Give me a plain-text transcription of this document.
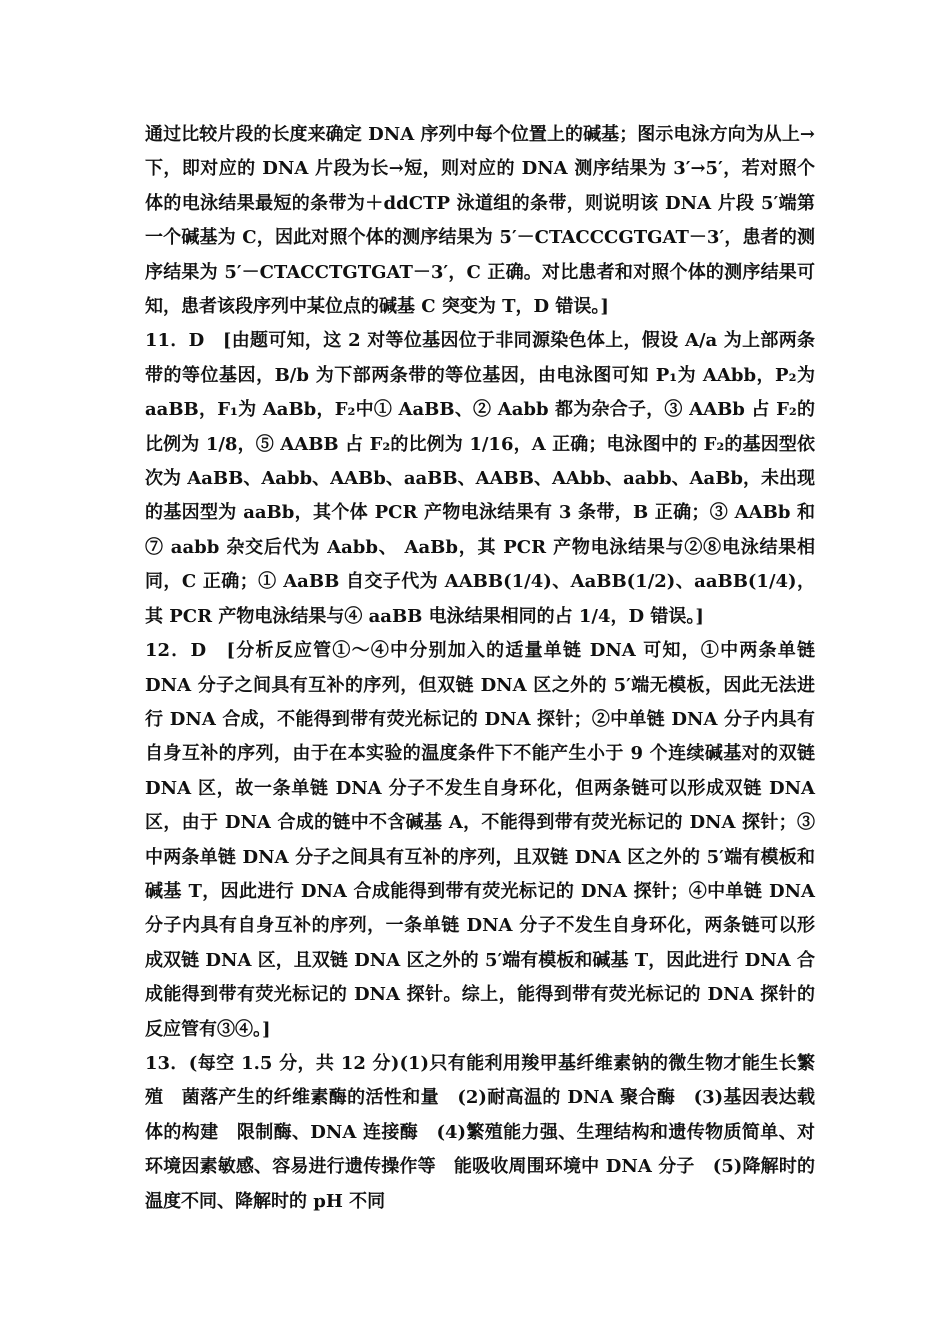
通过比较片段的长度来确定 DNA 序列中每个位置上的碱基；图示电泳方向为从上→下，即对应的 DNA 片段为长→短，则对应的 DNA 测序结果为 3′→5′，若对照个体的电泳结果最短的条带为＋ddCTP 泳道组的条带，则说明该 DNA 片段 5′端第一个碱基为 C，因此对照个体的测序结果为 5′－CTACCCGTGAT－3′，患者的测序结果为 5′－CTACCTGTGAT－3′，C 正确。对比患者和对照个体的测序结果可知，患者该段序列中某位点的碱基 C 突变为 T，D 错误。]

11．D　[由题可知，这 2 对等位基因位于非同源染色体上，假设 A/a 为上部两条带的等位基因，B/b 为下部两条带的等位基因，由电泳图可知 P₁为 AAbb，P₂为 aaBB，F₁为 AaBb，F₂中① AaBB、② Aabb 都为杂合子，③ AABb 占 F₂的比例为 1/8，⑤ AABB 占 F₂的比例为 1/16，A 正确；电泳图中的 F₂的基因型依次为 AaBB、Aabb、AABb、aaBB、AABB、AAbb、aabb、AaBb，未出现的基因型为 aaBb，其个体 PCR 产物电泳结果有 3 条带，B 正确；③ AABb 和⑦ aabb 杂交后代为 Aabb、 AaBb，其 PCR 产物电泳结果与②⑧电泳结果相同，C 正确；① AaBB 自交子代为 AABB(1/4)、AaBB(1/2)、aaBB(1/4)，其 PCR 产物电泳结果与④ aaBB 电泳结果相同的占 1/4，D 错误。]

12．D　[分析反应管①～④中分别加入的适量单链 DNA 可知，①中两条单链 DNA 分子之间具有互补的序列，但双链 DNA 区之外的 5′端无模板，因此无法进行 DNA 合成，不能得到带有荧光标记的 DNA 探针；②中单链 DNA 分子内具有自身互补的序列，由于在本实验的温度条件下不能产生小于 9 个连续碱基对的双链 DNA 区，故一条单链 DNA 分子不发生自身环化，但两条链可以形成双链 DNA 区，由于 DNA 合成的链中不含碱基 A，不能得到带有荧光标记的 DNA 探针；③中两条单链 DNA 分子之间具有互补的序列，且双链 DNA 区之外的 5′端有模板和碱基 T，因此进行 DNA 合成能得到带有荧光标记的 DNA 探针；④中单链 DNA 分子内具有自身互补的序列，一条单链 DNA 分子不发生自身环化，两条链可以形成双链 DNA 区，且双链 DNA 区之外的 5′端有模板和碱基 T，因此进行 DNA 合成能得到带有荧光标记的 DNA 探针。综上，能得到带有荧光标记的 DNA 探针的反应管有③④。]

13．(每空 1.5 分，共 12 分)(1)只有能利用羧甲基纤维素钠的微生物才能生长繁殖　菌落产生的纤维素酶的活性和量　(2)耐高温的 DNA 聚合酶　(3)基因表达载体的构建　限制酶、DNA 连接酶　(4)繁殖能力强、生理结构和遗传物质简单、对环境因素敏感、容易进行遗传操作等　能吸收周围环境中 DNA 分子　(5)降解时的温度不同、降解时的 pH 不同
